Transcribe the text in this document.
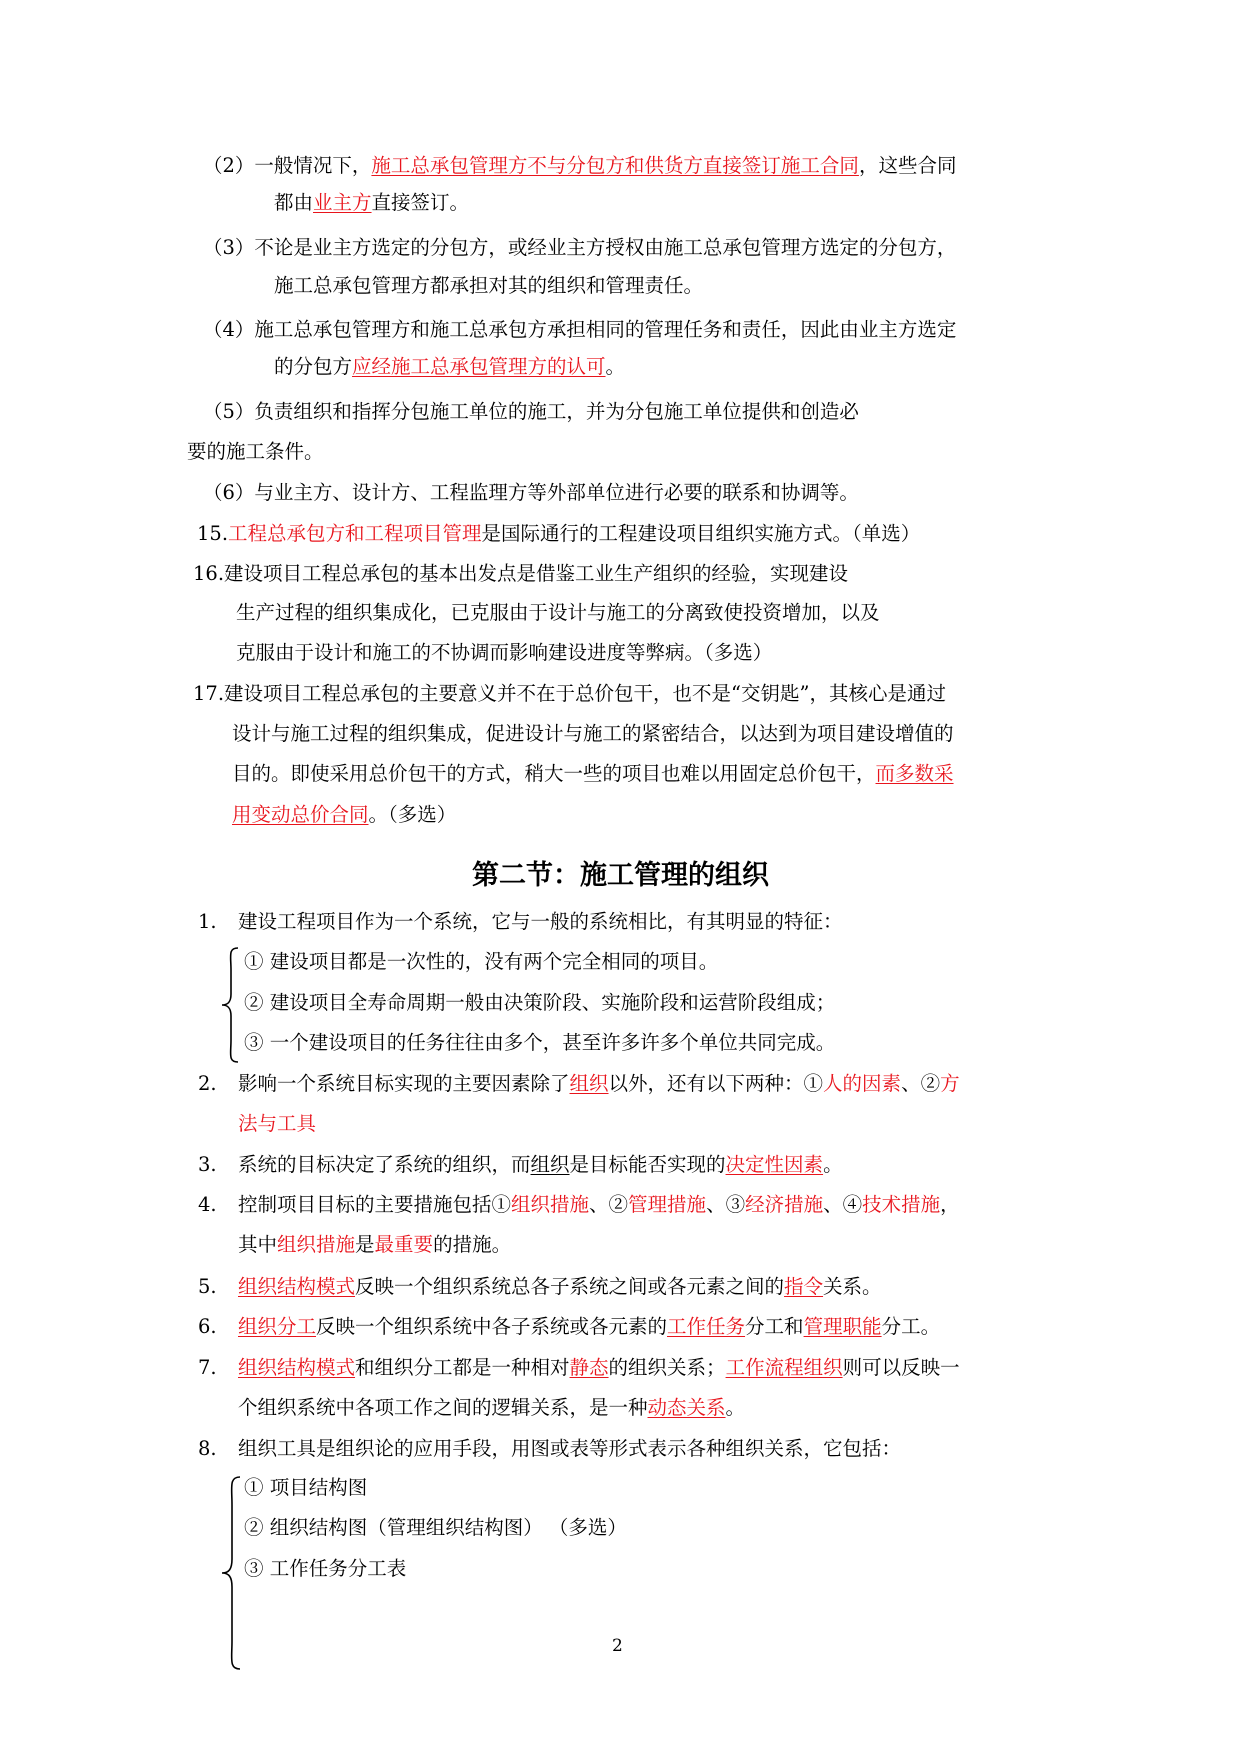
（2）一般情况下，施工总承包管理方不与分包方和供货方直接签订施工合同，这些合同
都由业主方直接签订。
（3）不论是业主方选定的分包方，或经业主方授权由施工总承包管理方选定的分包方，
施工总承包管理方都承担对其的组织和管理责任。
（4）施工总承包管理方和施工总承包方承担相同的管理任务和责任，因此由业主方选定
的分包方应经施工总承包管理方的认可。
（5）负责组织和指挥分包施工单位的施工，并为分包施工单位提供和创造必
要的施工条件。
（6）与业主方、设计方、工程监理方等外部单位进行必要的联系和协调等。
15.工程总承包方和工程项目管理是国际通行的工程建设项目组织实施方式。（单选）
16.建设项目工程总承包的基本出发点是借鉴工业生产组织的经验，实现建设
生产过程的组织集成化，已克服由于设计与施工的分离致使投资增加，以及
克服由于设计和施工的不协调而影响建设进度等弊病。（多选）
17.建设项目工程总承包的主要意义并不在于总价包干，也不是“交钥匙”，其核心是通过
设计与施工过程的组织集成，促进设计与施工的紧密结合，以达到为项目建设增值的
目的。即使采用总价包干的方式，稍大一些的项目也难以用固定总价包干，而多数采
用变动总价合同。（多选）
第二节：施工管理的组织
1. 建设工程项目作为一个系统，它与一般的系统相比，有其明显的特征：
① 建设项目都是一次性的，没有两个完全相同的项目。
② 建设项目全寿命周期一般由决策阶段、实施阶段和运营阶段组成；
③ 一个建设项目的任务往往由多个，甚至许多许多个单位共同完成。
2. 影响一个系统目标实现的主要因素除了组织以外，还有以下两种：①人的因素、②方
法与工具
3. 系统的目标决定了系统的组织，而组织是目标能否实现的决定性因素。
4. 控制项目目标的主要措施包括①组织措施、②管理措施、③经济措施、④技术措施，
其中组织措施是最重要的措施。
5. 组织结构模式反映一个组织系统总各子系统之间或各元素之间的指令关系。
6. 组织分工反映一个组织系统中各子系统或各元素的工作任务分工和管理职能分工。
7. 组织结构模式和组织分工都是一种相对静态的组织关系；工作流程组织则可以反映一
个组织系统中各项工作之间的逻辑关系，是一种动态关系。
8. 组织工具是组织论的应用手段，用图或表等形式表示各种组织关系，它包括：
① 项目结构图
② 组织结构图（管理组织结构图） （多选）
③ 工作任务分工表
2
